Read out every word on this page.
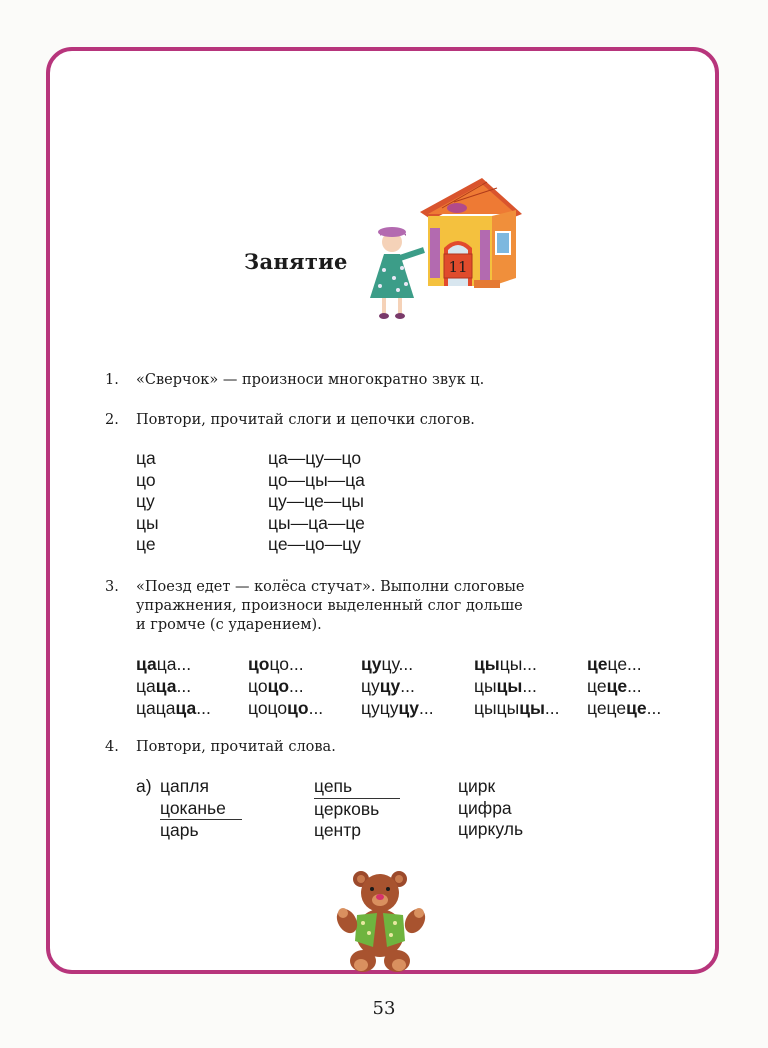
Занятие	11
1. «Сверчок» — произноси многократно звук ц.
2. Повтори, прочитай слоги и цепочки слогов.
ца
цо
цу
цы
це
ца—цу—цо
цо—цы—ца
цу—це—цы
цы—ца—це
це—цо—цу
3. «Поезд едет — колёса стучат». Выполни слоговые
упражнения, произноси выделенный слог дольше
и громче (с ударением).
цаца...
цаца...
цацаца...
цоцо...
цоцо...
цоцоцо...
цуцу...
цуцу...
цуцуцу...
цыцы...
цыцы...
цыцыцы...
цеце...
цеце...
цецеце...
4. Повтори, прочитай слова.
а) цапля
цоканье
царь
цепь
церковь
центр
цирк
цифра
циркуль
53
